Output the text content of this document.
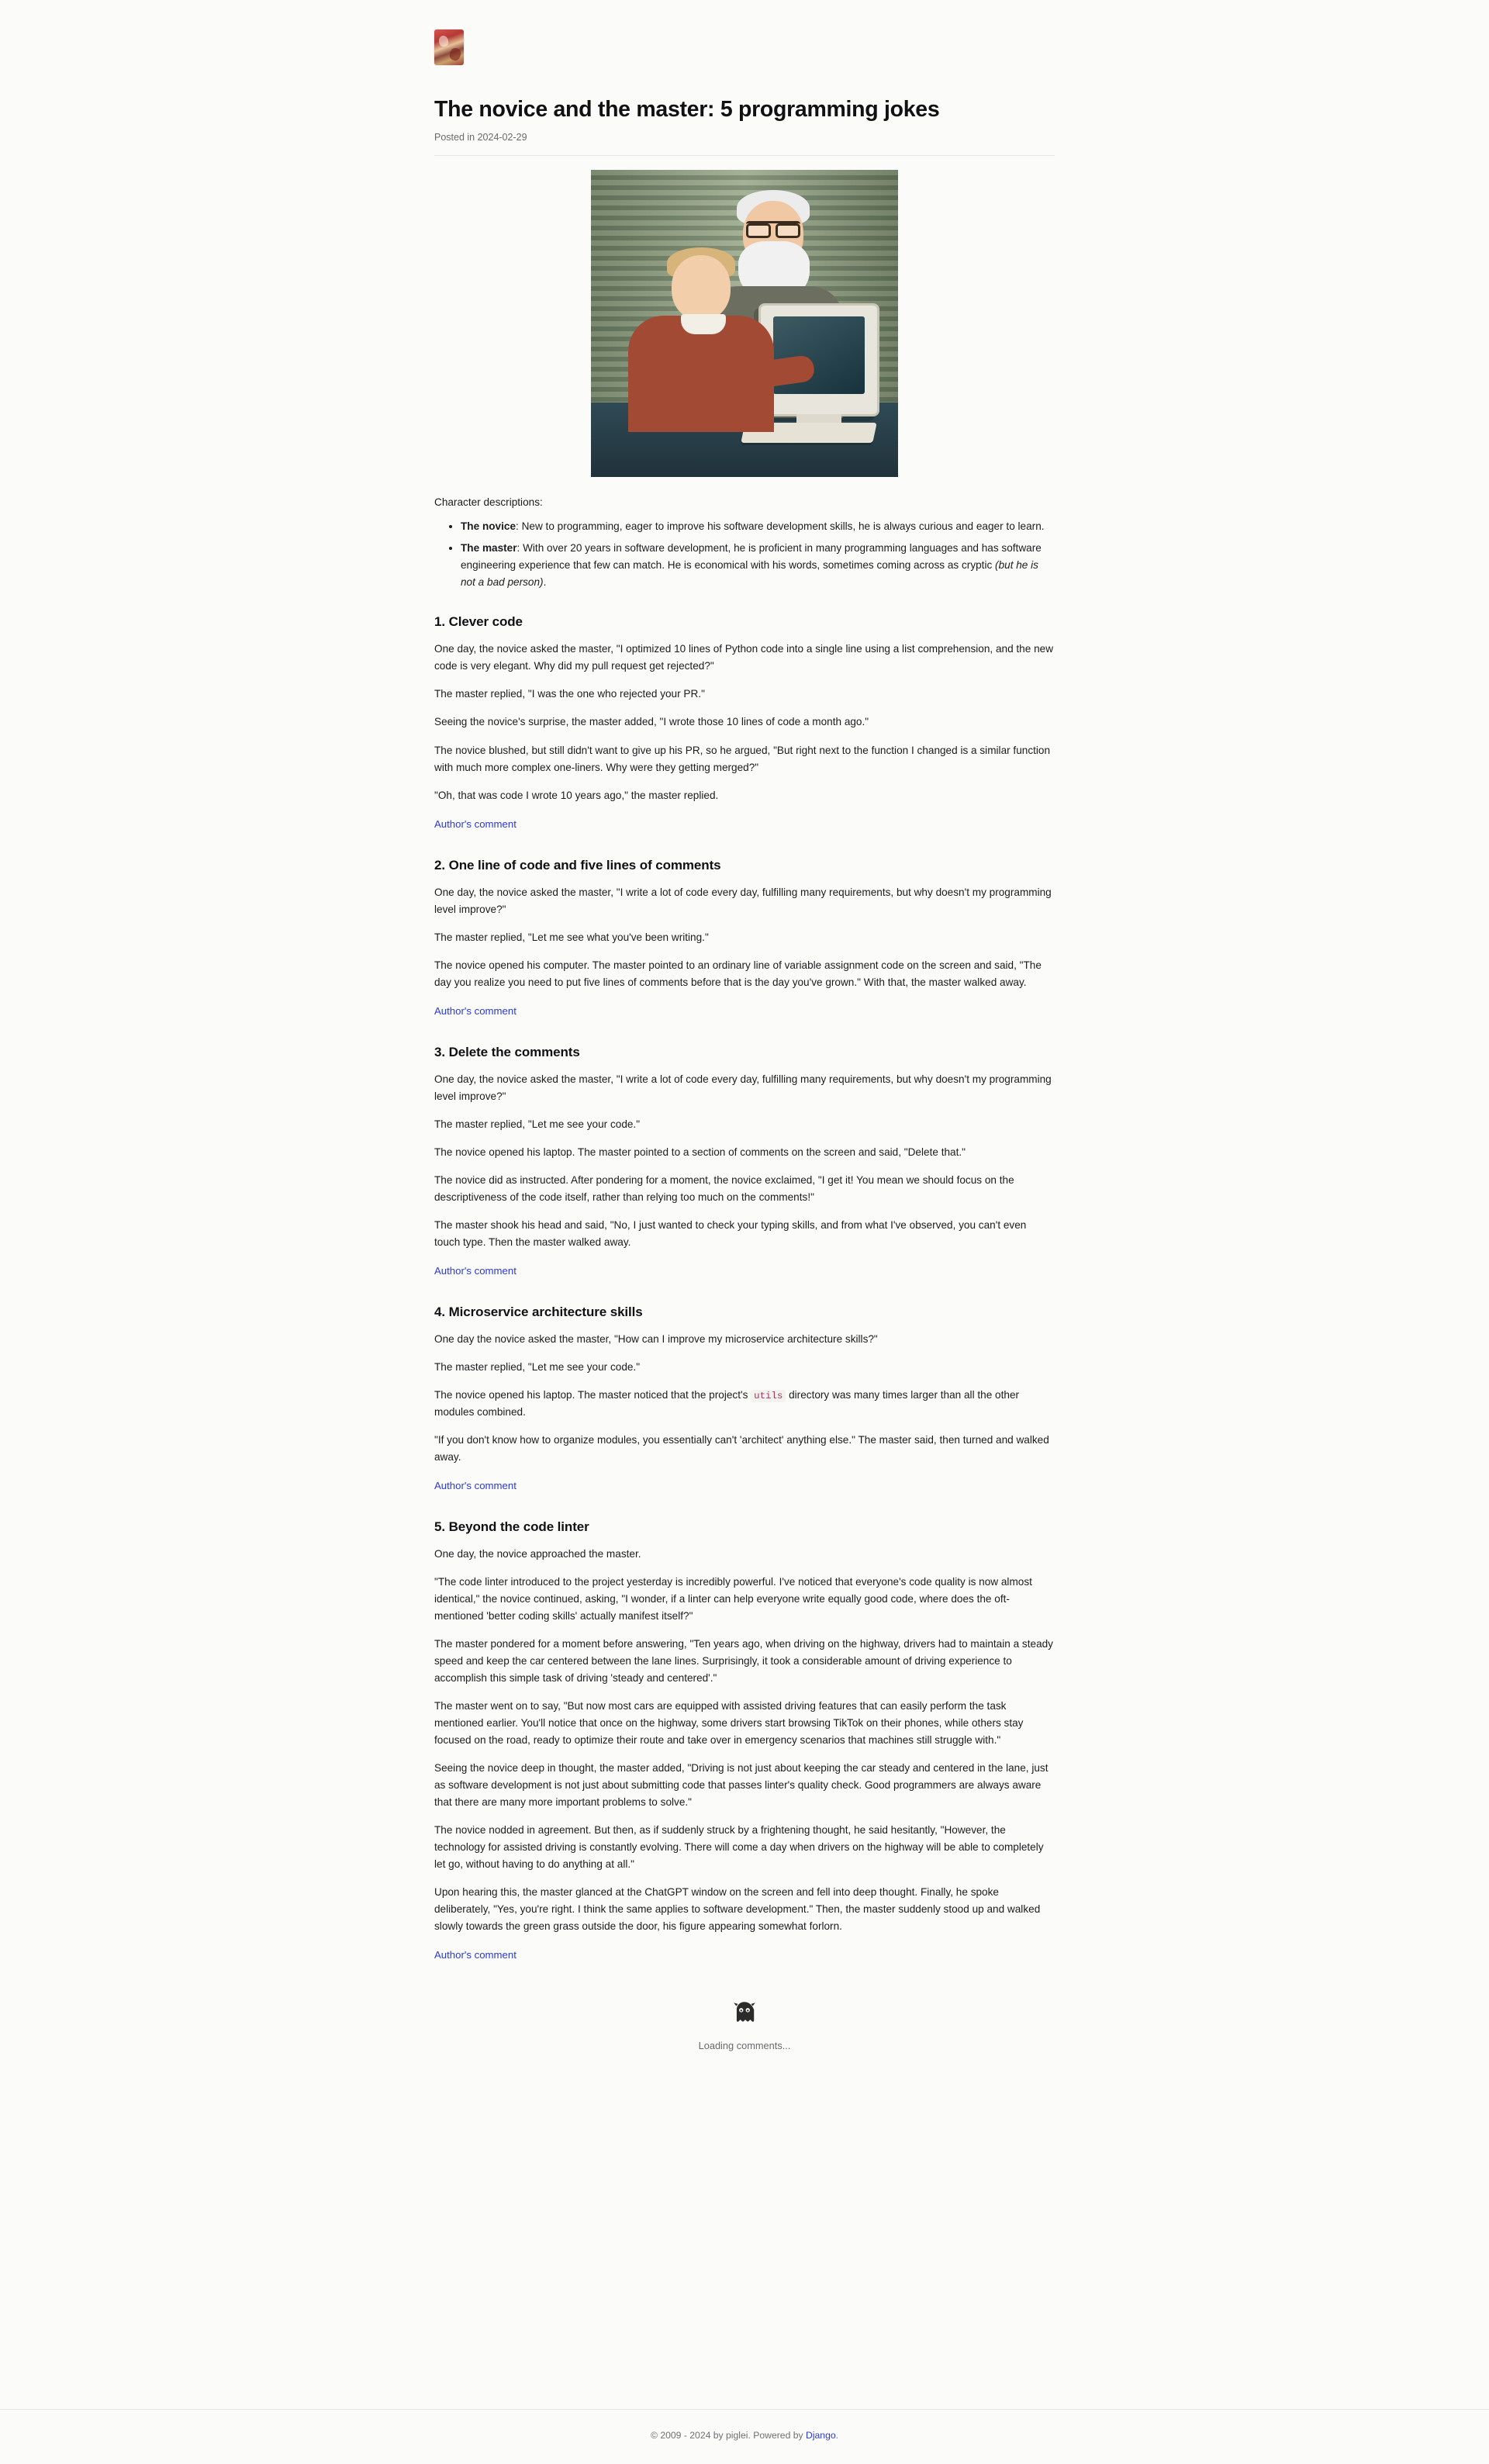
The novice and the master: 5 programming jokes
Posted in 2024-02-29

Character descriptions:

• The novice: New to programming, eager to improve his software development skills, he is always curious and eager to learn.
• The master: With over 20 years in software development, he is proficient in many programming languages and has software engineering experience that few can match. He is economical with his words, sometimes coming across as cryptic (but he is not a bad person).
1. Clever code

One day, the novice asked the master, "I optimized 10 lines of Python code into a single line using a list comprehension, and the new code is very elegant. Why did my pull request get rejected?"

The master replied, "I was the one who rejected your PR."

Seeing the novice's surprise, the master added, "I wrote those 10 lines of code a month ago."

The novice blushed, but still didn't want to give up his PR, so he argued, "But right next to the function I changed is a similar function with much more complex one-liners. Why were they getting merged?"

"Oh, that was code I wrote 10 years ago," the master replied.

Author's comment
2. One line of code and five lines of comments

One day, the novice asked the master, "I write a lot of code every day, fulfilling many requirements, but why doesn't my programming level improve?"

The master replied, "Let me see what you've been writing."

The novice opened his computer. The master pointed to an ordinary line of variable assignment code on the screen and said, "The day you realize you need to put five lines of comments before that is the day you've grown." With that, the master walked away.

Author's comment
3. Delete the comments

One day, the novice asked the master, "I write a lot of code every day, fulfilling many requirements, but why doesn't my programming level improve?"

The master replied, "Let me see your code."

The novice opened his laptop. The master pointed to a section of comments on the screen and said, "Delete that."

The novice did as instructed. After pondering for a moment, the novice exclaimed, "I get it! You mean we should focus on the descriptiveness of the code itself, rather than relying too much on the comments!"

The master shook his head and said, "No, I just wanted to check your typing skills, and from what I've observed, you can't even touch type. Then the master walked away.

Author's comment
4. Microservice architecture skills

One day the novice asked the master, "How can I improve my microservice architecture skills?"

The master replied, "Let me see your code."

The novice opened his laptop. The master noticed that the project's utils directory was many times larger than all the other modules combined.

"If you don't know how to organize modules, you essentially can't 'architect' anything else." The master said, then turned and walked away.

Author's comment
5. Beyond the code linter

One day, the novice approached the master.

"The code linter introduced to the project yesterday is incredibly powerful. I've noticed that everyone's code quality is now almost identical," the novice continued, asking, "I wonder, if a linter can help everyone write equally good code, where does the oft-mentioned 'better coding skills' actually manifest itself?"

The master pondered for a moment before answering, "Ten years ago, when driving on the highway, drivers had to maintain a steady speed and keep the car centered between the lane lines. Surprisingly, it took a considerable amount of driving experience to accomplish this simple task of driving 'steady and centered'."

The master went on to say, "But now most cars are equipped with assisted driving features that can easily perform the task mentioned earlier. You'll notice that once on the highway, some drivers start browsing TikTok on their phones, while others stay focused on the road, ready to optimize their route and take over in emergency scenarios that machines still struggle with."

Seeing the novice deep in thought, the master added, "Driving is not just about keeping the car steady and centered in the lane, just as software development is not just about submitting code that passes linter's quality check. Good programmers are always aware that there are many more important problems to solve."

The novice nodded in agreement. But then, as if suddenly struck by a frightening thought, he said hesitantly, "However, the technology for assisted driving is constantly evolving. There will come a day when drivers on the highway will be able to completely let go, without having to do anything at all."

Upon hearing this, the master glanced at the ChatGPT window on the screen and fell into deep thought. Finally, he spoke deliberately, "Yes, you're right. I think the same applies to software development." Then, the master suddenly stood up and walked slowly towards the green grass outside the door, his figure appearing somewhat forlorn.

Author's comment
Loading comments...
© 2009 - 2024 by piglei. Powered by Django.
